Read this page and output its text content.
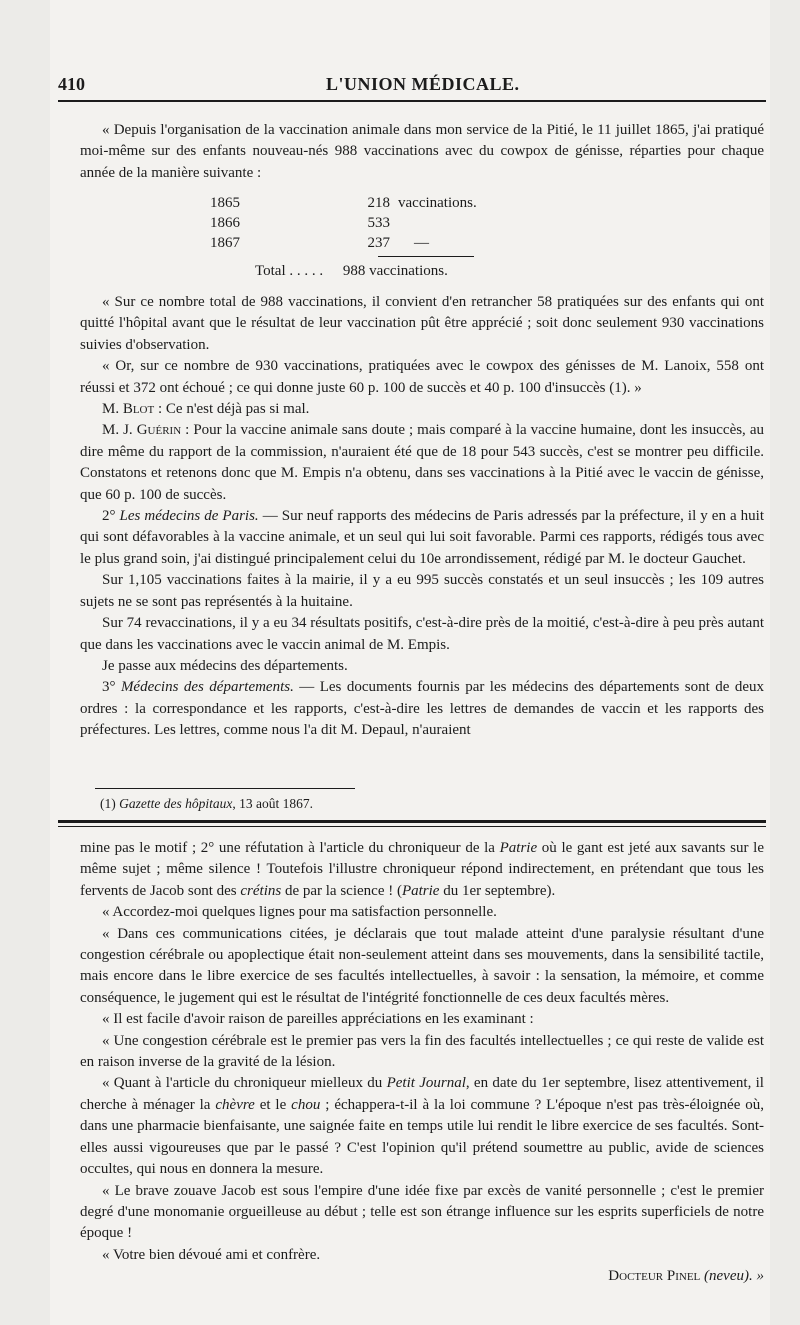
410	L'UNION MÉDICALE.

« Depuis l'organisation de la vaccination animale dans mon service de la Pitié, le 11 juillet 1865, j'ai pratiqué moi-même sur des enfants nouveau-nés 988 vaccinations avec du cowpox de génisse, réparties pour chaque année de la manière suivante :

1865	218 vaccinations.
1866	533
1867	237	—
Total . . . . . 988 vaccinations.

« Sur ce nombre total de 988 vaccinations, il convient d'en retrancher 58 pratiquées sur des enfants qui ont quitté l'hôpital avant que le résultat de leur vaccination pût être apprécié ; soit donc seulement 930 vaccinations suivies d'observation.

« Or, sur ce nombre de 930 vaccinations, pratiquées avec le cowpox des génisses de M. Lanoix, 558 ont réussi et 372 ont échoué ; ce qui donne juste 60 p. 100 de succès et 40 p. 100 d'insuccès (1). »

M. Blot : Ce n'est déjà pas si mal.

M. J. Guérin : Pour la vaccine animale sans doute ; mais comparé à la vaccine humaine, dont les insuccès, au dire même du rapport de la commission, n'auraient été que de 18 pour 543 succès, c'est se montrer peu difficile. Constatons et retenons donc que M. Empis n'a obtenu, dans ses vaccinations à la Pitié avec le vaccin de génisse, que 60 p. 100 de succès.

2° Les médecins de Paris. — Sur neuf rapports des médecins de Paris adressés par la préfecture, il y en a huit qui sont défavorables à la vaccine animale, et un seul qui lui soit favorable. Parmi ces rapports, rédigés tous avec le plus grand soin, j'ai distingué principalement celui du 10e arrondissement, rédigé par M. le docteur Gauchet.

Sur 1,105 vaccinations faites à la mairie, il y a eu 995 succès constatés et un seul insuccès ; les 109 autres sujets ne se sont pas représentés à la huitaine.

Sur 74 revaccinations, il y a eu 34 résultats positifs, c'est-à-dire près de la moitié, c'est-à-dire à peu près autant que dans les vaccinations avec le vaccin animal de M. Empis.

Je passe aux médecins des départements.

3° Médecins des départements. — Les documents fournis par les médecins des départements sont de deux ordres : la correspondance et les rapports, c'est-à-dire les lettres de demandes de vaccin et les rapports des préfectures. Les lettres, comme nous l'a dit M. Depaul, n'auraient

(1) Gazette des hôpitaux, 13 août 1867.

mine pas le motif ; 2° une réfutation à l'article du chroniqueur de la Patrie où le gant est jeté aux savants sur le même sujet ; même silence ! Toutefois l'illustre chroniqueur répond indirectement, en prétendant que tous les fervents de Jacob sont des crétins de par la science ! (Patrie du 1er septembre).

« Accordez-moi quelques lignes pour ma satisfaction personnelle.

« Dans ces communications citées, je déclarais que tout malade atteint d'une paralysie résultant d'une congestion cérébrale ou apoplectique était non-seulement atteint dans ses mouvements, dans la sensibilité tactile, mais encore dans le libre exercice de ses facultés intellectuelles, à savoir : la sensation, la mémoire, et comme conséquence, le jugement qui est le résultat de l'intégrité fonctionnelle de ces deux facultés mères.

« Il est facile d'avoir raison de pareilles appréciations en les examinant :

« Une congestion cérébrale est le premier pas vers la fin des facultés intellectuelles ; ce qui reste de valide est en raison inverse de la gravité de la lésion.

« Quant à l'article du chroniqueur mielleux du Petit Journal, en date du 1er septembre, lisez attentivement, il cherche à ménager la chèvre et le chou ; échappera-t-il à la loi commune ? L'époque n'est pas très-éloignée où, dans une pharmacie bienfaisante, une saignée faite en temps utile lui rendit le libre exercice de ses facultés. Sont-elles aussi vigoureuses que par le passé ? C'est l'opinion qu'il prétend soumettre au public, avide de sciences occultes, qui nous en donnera la mesure.

« Le brave zouave Jacob est sous l'empire d'une idée fixe par excès de vanité personnelle ; c'est le premier degré d'une monomanie orgueilleuse au début ; telle est son étrange influence sur les esprits superficiels de notre époque !

« Votre bien dévoué ami et confrère.

Docteur Pinel (neveu). »
